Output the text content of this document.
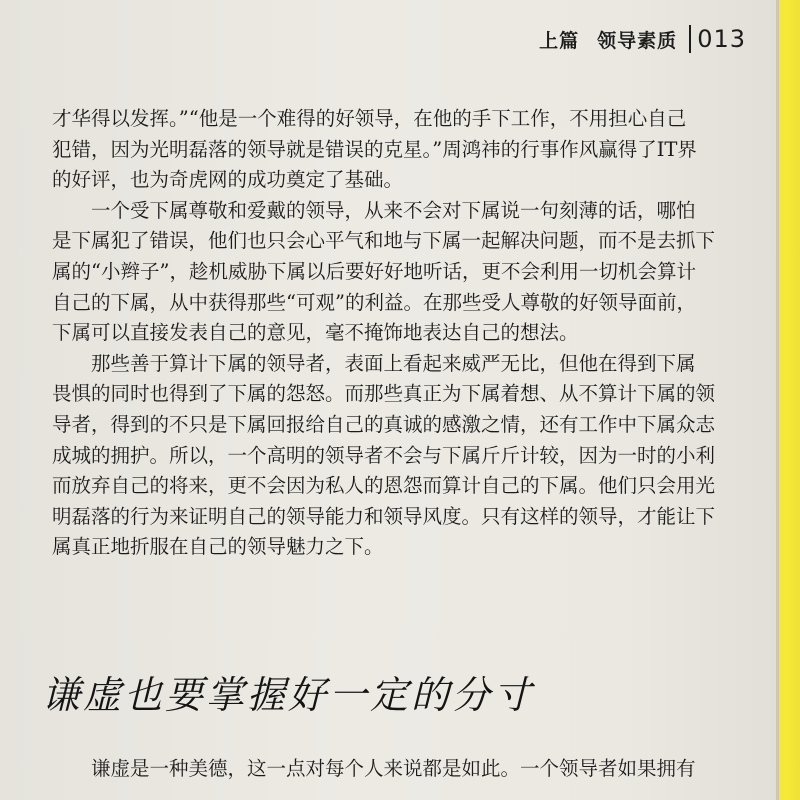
上篇 领导素质 013
才华得以发挥。”“他是一个难得的好领导，在他的手下工作，不用担心自己
犯错，因为光明磊落的领导就是错误的克星。”周鸿祎的行事作风赢得了IT界
的好评，也为奇虎网的成功奠定了基础。
一个受下属尊敬和爱戴的领导，从来不会对下属说一句刻薄的话，哪怕
是下属犯了错误，他们也只会心平气和地与下属一起解决问题，而不是去抓下
属的“小辫子”，趁机威胁下属以后要好好地听话，更不会利用一切机会算计
自己的下属，从中获得那些“可观”的利益。在那些受人尊敬的好领导面前，
下属可以直接发表自己的意见，毫不掩饰地表达自己的想法。
那些善于算计下属的领导者，表面上看起来威严无比，但他在得到下属
畏惧的同时也得到了下属的怨怒。而那些真正为下属着想、从不算计下属的领
导者，得到的不只是下属回报给自己的真诚的感激之情，还有工作中下属众志
成城的拥护。所以，一个高明的领导者不会与下属斤斤计较，因为一时的小利
而放弃自己的将来，更不会因为私人的恩怨而算计自己的下属。他们只会用光
明磊落的行为来证明自己的领导能力和领导风度。只有这样的领导，才能让下
属真正地折服在自己的领导魅力之下。
谦虚也要掌握好一定的分寸
谦虚是一种美德，这一点对每个人来说都是如此。一个领导者如果拥有
